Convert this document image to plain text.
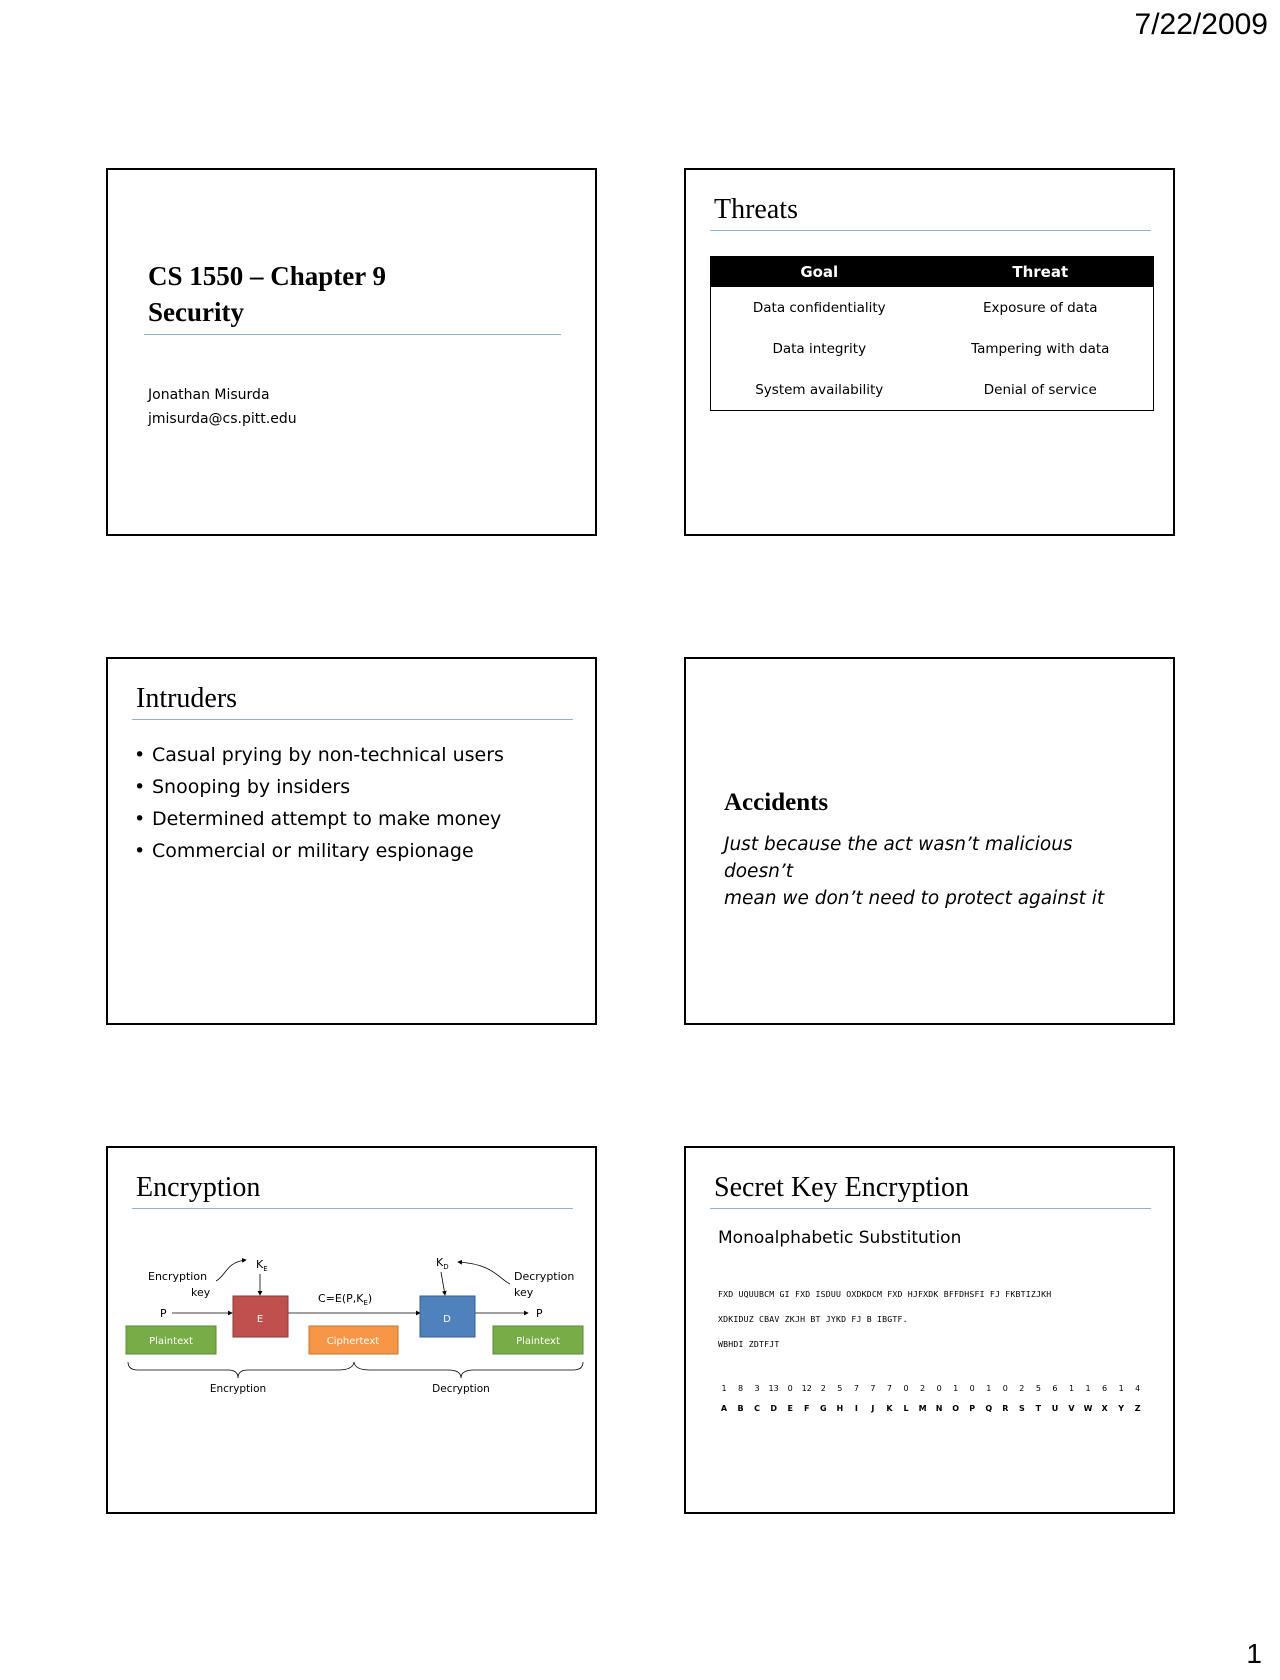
7/22/2009
CS 1550 – Chapter 9
Security
Jonathan Misurda
jmisurda@cs.pitt.edu
Threats
Goal	Threat
Data confidentiality	Exposure of data
Data integrity	Tampering with data
System availability	Denial of service
Intruders
• Casual prying by non-technical users
• Snooping by insiders
• Determined attempt to make money
• Commercial or military espionage
Accidents
Just because the act wasn’t malicious doesn’t
mean we don’t need to protect against it
Encryption
$K_E$	$K_D$
Encryption
key
Decryption
key
P	P
$C=E(P,K_E)$
E	D
Plaintext	Ciphertext	Plaintext
Encryption	Decryption
Secret Key Encryption
Monoalphabetic Substitution
FXD UQUUBCM GI FXD ISDUU OXDKDCM FXD HJFXDK BFFDHSFI FJ FKBTIZJKH
XDKIDUZ CBAV ZKJH BT JYKD FJ B IBGTF.
WBHDI ZDTFJT
1	8	3	13	0	12	2	5	7	7	7	0	2	0	1	0	1	0	2	5	6	1	1	6	1	4
A	B	C	D	E	F	G	H	I	J	K	L	M	N	O	P	Q	R	S	T	U	V	W	X	Y	Z
1
